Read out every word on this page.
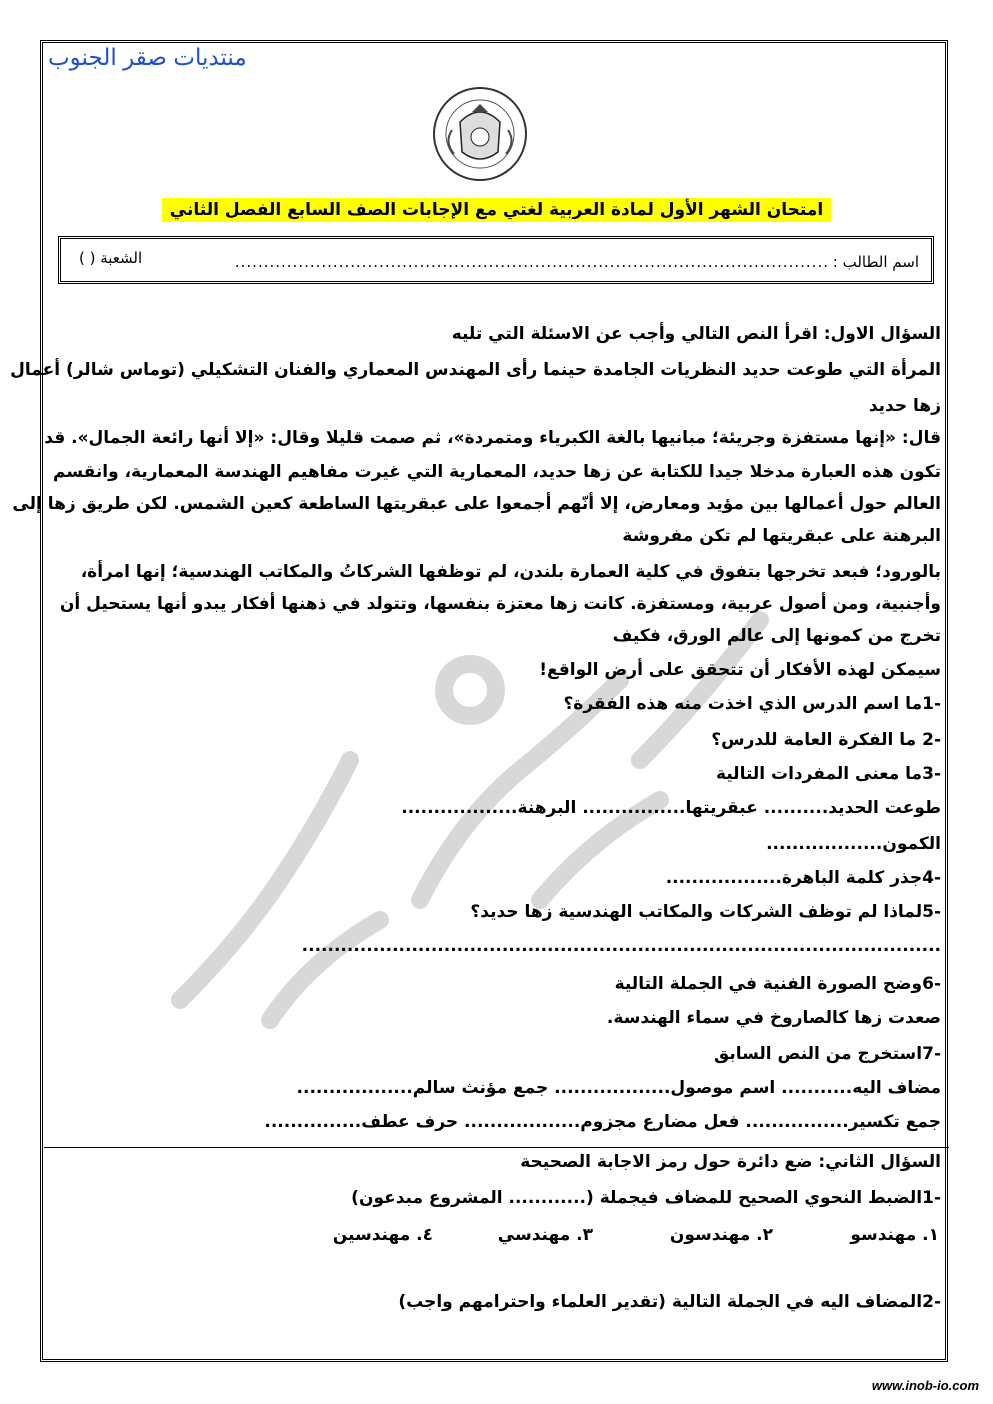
منتديات صقر الجنوب
امتحان الشهر الأول لمادة العربية لغتي مع الإجابات الصف السابع الفصل الثاني
اسم الطالب :
.......................................................................................................
الشعبة ( )
السؤال الاول: اقرأ النص التالي وأجب عن الاسئلة التي تليه
المرأة التي طوعت حديد النظريات الجامدة حينما رأى المهندس المعماري والفنان التشكيلي (توماس شالر) أعمال
زها حديد
قال: «إنها مستفزة وجريئة؛ مبانيها بالغة الكبرياء ومتمردة»، ثم صمت قليلا وقال: «إلا أنها رائعة الجمال». قد
تكون هذه العبارة مدخلا جيدا للكتابة عن زها حديد، المعمارية التي غيرت مفاهيم الهندسة المعمارية، وانقسم
العالم حول أعمالها بين مؤيد ومعارض، إلا أنّهم أجمعوا على عبقريتها الساطعة كعين الشمس. لكن طريق زها إلى
البرهنة على عبقريتها لم تكن مفروشة
بالورود؛ فبعد تخرجها بتفوق في كلية العمارة بلندن، لم توظفها الشركاتُ والمكاتب الهندسية؛ إنها امرأة،
وأجنبية، ومن أصول عربية، ومستفزة. كانت زها معتزة بنفسها، وتتولد في ذهنها أفكار يبدو أنها يستحيل أن
تخرج من كمونها إلى عالم الورق، فكيف
سيمكن لهذه الأفكار أن تتحقق على أرض الواقع!
-1ما اسم الدرس الذي اخذت منه هذه الفقرة؟
-2 ما الفكرة العامة للدرس؟
-3ما معنى المفردات التالية
طوعت الحديد.......... عبقريتها................ البرهنة..................
الكمون..................
-4جذر كلمة الباهرة..................
-5لماذا لم توظف الشركات والمكاتب الهندسية زها حديد؟
...................................................................................................
-6وضح الصورة الفنية في الجملة التالية
صعدت زها كالصاروخ في سماء الهندسة.
-7استخرج من النص السابق
مضاف اليه........... اسم موصول.................. جمع مؤنث سالم..................
جمع تكسير................ فعل مضارع مجزوم.................. حرف عطف...............
السؤال الثاني: ضع دائرة حول رمز الاجابة الصحيحة
-1الضبط النحوي الصحيح للمضاف فيجملة (............ المشروع مبدعون)
١. مهندسو
٢. مهندسون
٣. مهندسي
٤. مهندسين
-2المضاف اليه في الجملة التالية (تقدير العلماء واحترامهم واجب)
www.inob-io.com
